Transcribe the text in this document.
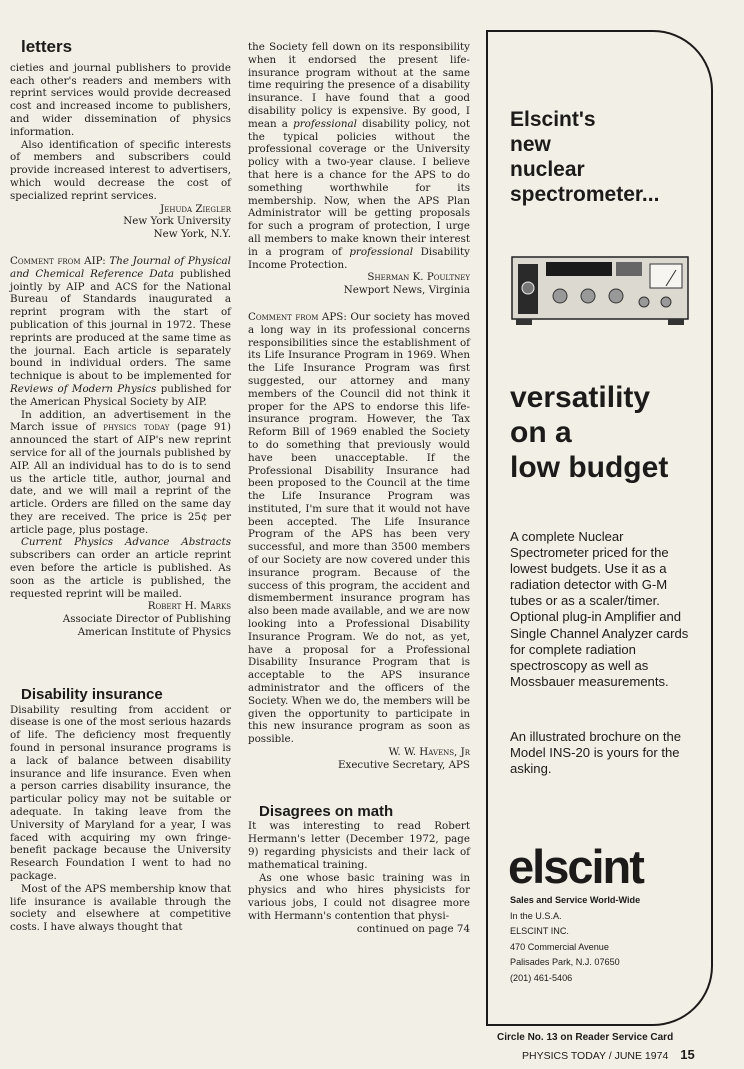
letters

cieties and journal publishers to provide each other's readers and members with reprint services would provide decreased cost and increased income to publishers, and wider dissemination of physics information.

Also identification of specific interests of members and subscribers could provide increased interest to advertisers, which would decrease the cost of specialized reprint services.

Jehuda Ziegler

New York University

New York, N.Y.

Comment from AIP: The Journal of Physical and Chemical Reference Data published jointly by AIP and ACS for the National Bureau of Standards inaugurated a reprint program with the start of publication of this journal in 1972. These reprints are produced at the same time as the journal. Each article is separately bound in individual orders. The same technique is about to be implemented for Reviews of Modern Physics published for the American Physical Society by AIP.

In addition, an advertisement in the March issue of physics today (page 91) announced the start of AIP's new reprint service for all of the journals published by AIP. All an individual has to do is to send us the article title, author, journal and date, and we will mail a reprint of the article. Orders are filled on the same day they are received. The price is 25¢ per article page, plus postage.

Current Physics Advance Abstracts subscribers can order an article reprint even before the article is published. As soon as the article is published, the requested reprint will be mailed.

Robert H. Marks

Associate Director of Publishing

American Institute of Physics

Disability insurance

Disability resulting from accident or disease is one of the most serious hazards of life. The deficiency most frequently found in personal insurance programs is a lack of balance between disability insurance and life insurance. Even when a person carries disability insurance, the particular policy may not be suitable or adequate. In taking leave from the University of Maryland for a year, I was faced with acquiring my own fringe-benefit package because the University Research Foundation I went to had no package.

Most of the APS membership know that life insurance is available through the society and elsewhere at competitive costs. I have always thought that

the Society fell down on its responsibility when it endorsed the present life-insurance program without at the same time requiring the presence of a disability insurance. I have found that a good disability policy is expensive. By good, I mean a professional disability policy, not the typical policies without the professional coverage or the University policy with a two-year clause. I believe that here is a chance for the APS to do something worthwhile for its membership. Now, when the APS Plan Administrator will be getting proposals for such a program of protection, I urge all members to make known their interest in a program of professional Disability Income Protection.

Sherman K. Poultney

Newport News, Virginia

Comment from APS: Our society has moved a long way in its professional concerns responsibilities since the establishment of its Life Insurance Program in 1969. When the Life Insurance Program was first suggested, our attorney and many members of the Council did not think it proper for the APS to endorse this life-insurance program. However, the Tax Reform Bill of 1969 enabled the Society to do something that previously would have been unacceptable. If the Professional Disability Insurance had been proposed to the Council at the time the Life Insurance Program was instituted, I'm sure that it would not have been accepted. The Life Insurance Program of the APS has been very successful, and more than 3500 members of our Society are now covered under this insurance program. Because of the success of this program, the accident and dismemberment insurance program has also been made available, and we are now looking into a Professional Disability Insurance Program. We do not, as yet, have a proposal for a Professional Disability Insurance Program that is acceptable to the APS insurance administrator and the officers of the Society. When we do, the members will be given the opportunity to participate in this new insurance program as soon as possible.

W. W. Havens, Jr

Executive Secretary, APS

Disagrees on math

It was interesting to read Robert Hermann's letter (December 1972, page 9) regarding physicists and their lack of mathematical training.

As one whose basic training was in physics and who hires physicists for various jobs, I could not disagree more with Hermann's contention that physi-

continued on page 74

Elscint's
new
nuclear
spectrometer...
versatility
on a
low budget
A complete Nuclear Spectrometer priced for the lowest budgets. Use it as a radiation detector with G-M tubes or as a scaler/timer. Optional plug-in Amplifier and Single Channel Analyzer cards for complete radiation spectroscopy as well as Mossbauer measurements.
An illustrated brochure on the Model INS-20 is yours for the asking.
elscint
Sales and Service World-Wide
In the U.S.A.
ELSCINT INC.
470 Commercial Avenue
Palisades Park, N.J. 07650
(201) 461-5406
Circle No. 13 on Reader Service Card
PHYSICS TODAY / JUNE 1974 15
